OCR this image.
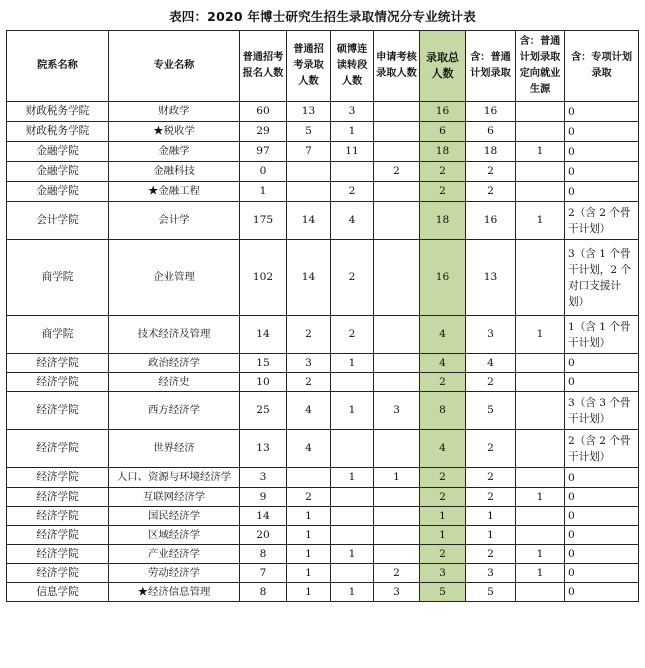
表四：2020 年博士研究生招生录取情况分专业统计表
院系名称	专业名称	普通招考报名人数	普通招考录取人数	硕博连读转段人数	申请考核录取人数	录取总人数	含：普通计划录取	含：普通计划录取定向就业生源	含：专项计划录取
财政税务学院	财政学	60	13	3		16	16		0
财政税务学院	★税收学	29	5	1		6	6		0
金融学院	金融学	97	7	11		18	18	1	0
金融学院	金融科技	0			2	2	2		0
金融学院	★金融工程	1		2		2	2		0
会计学院	会计学	175	14	4		18	16	1	2（含 2 个骨干计划）
商学院	企业管理	102	14	2		16	13		3（含 1 个骨干计划，2 个对口支援计划）
商学院	技术经济及管理	14	2	2		4	3	1	1（含 1 个骨干计划）
经济学院	政治经济学	15	3	1		4	4		0
经济学院	经济史	10	2			2	2		0
经济学院	西方经济学	25	4	1	3	8	5		3（含 3 个骨干计划）
经济学院	世界经济	13	4			4	2		2（含 2 个骨干计划）
经济学院	人口、资源与环境经济学	3		1	1	2	2		0
经济学院	互联网经济学	9	2			2	2	1	0
经济学院	国民经济学	14	1			1	1		0
经济学院	区域经济学	20	1			1	1		0
经济学院	产业经济学	8	1	1		2	2	1	0
经济学院	劳动经济学	7	1		2	3	3	1	0
信息学院	★经济信息管理	8	1	1	3	5	5		0
